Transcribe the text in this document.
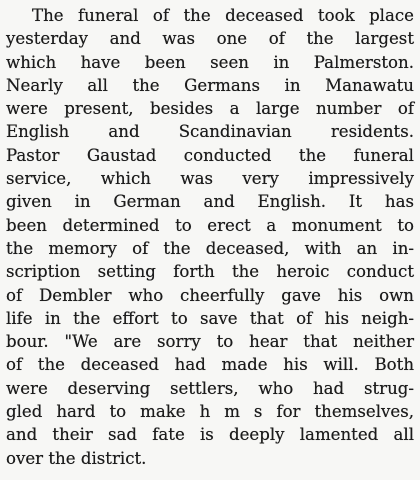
The funeral of the deceased took place
yesterday and was one of the largest
which have been seen in Palmerston.
Nearly all the Germans in Manawatu
were present, besides a large number of
English and Scandinavian residents.
Pastor Gaustad conducted the funeral
service, which was very impressively
given in German and English. It has
been determined to erect a monument to
the memory of the deceased, with an in-
scription setting forth the heroic conduct
of Dembler who cheerfully gave his own
life in the effort to save that of his neigh-
bour. "We are sorry to hear that neither
of the deceased had made his will. Both
were deserving settlers, who had strug-
gled hard to make h m s for themselves,
and their sad fate is deeply lamented all
over the district.
